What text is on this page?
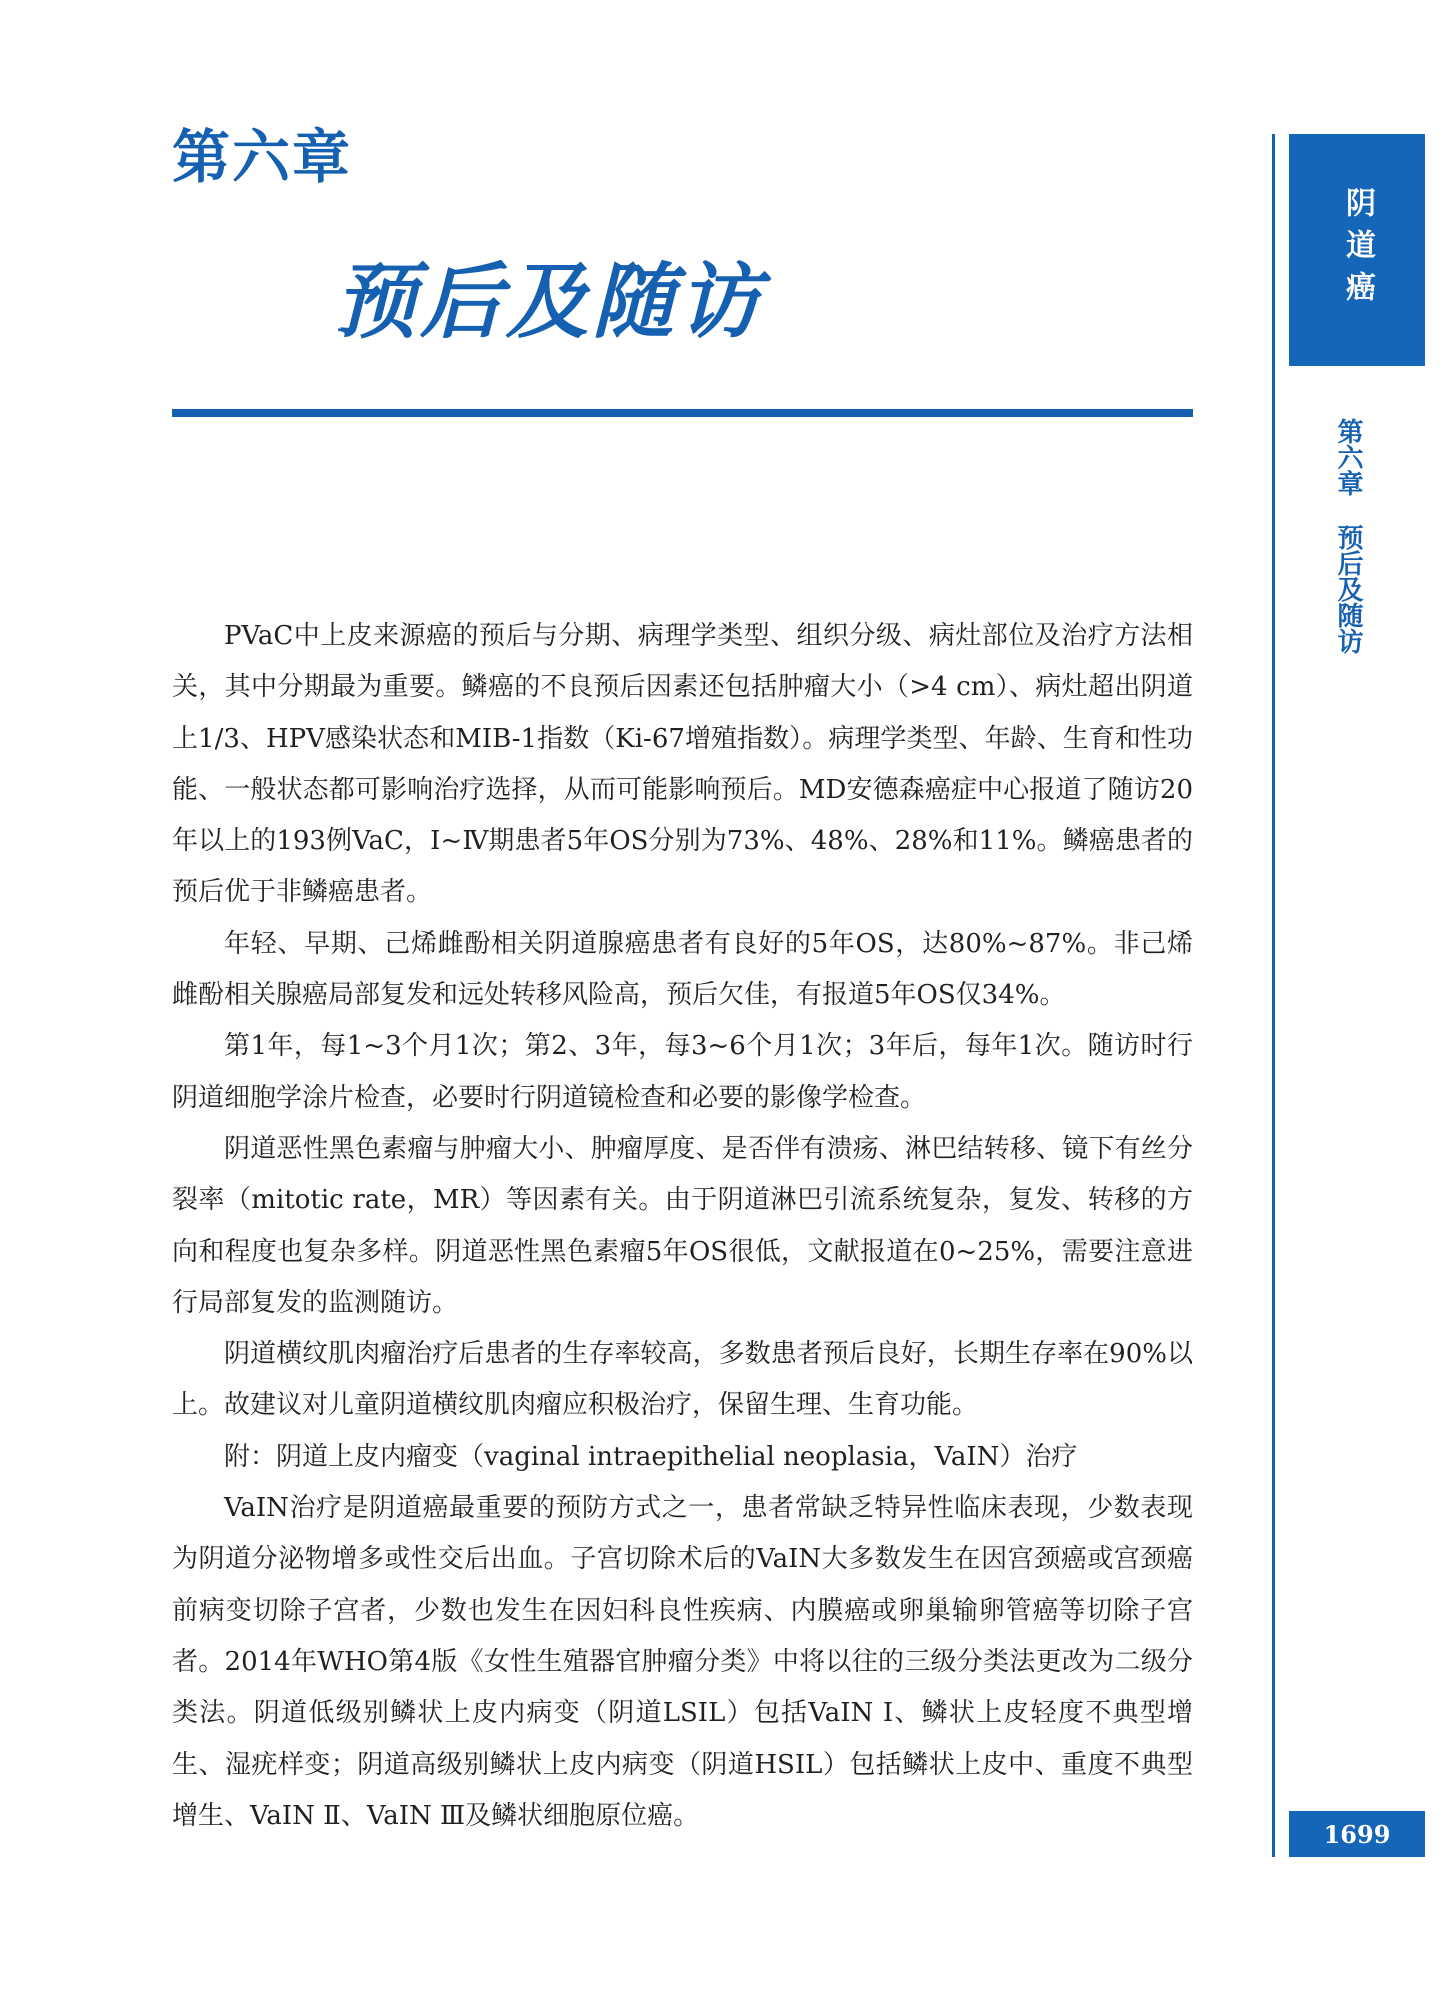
第六章
预后及随访

PVaC中上皮来源癌的预后与分期、病理学类型、组织分级、病灶部位及治疗方法相关，其中分期最为重要。鳞癌的不良预后因素还包括肿瘤大小（>4 cm）、病灶超出阴道上1/3、HPV感染状态和MIB-1指数（Ki-67增殖指数）。病理学类型、年龄、生育和性功能、一般状态都可影响治疗选择，从而可能影响预后。MD安德森癌症中心报道了随访20年以上的193例VaC，Ⅰ~Ⅳ期患者5年OS分别为73%、48%、28%和11%。鳞癌患者的预后优于非鳞癌患者。

年轻、早期、己烯雌酚相关阴道腺癌患者有良好的5年OS，达80%~87%。非己烯雌酚相关腺癌局部复发和远处转移风险高，预后欠佳，有报道5年OS仅34%。

第1年，每1~3个月1次；第2、3年，每3~6个月1次；3年后，每年1次。随访时行阴道细胞学涂片检查，必要时行阴道镜检查和必要的影像学检查。

阴道恶性黑色素瘤与肿瘤大小、肿瘤厚度、是否伴有溃疡、淋巴结转移、镜下有丝分裂率（mitotic rate，MR）等因素有关。由于阴道淋巴引流系统复杂，复发、转移的方向和程度也复杂多样。阴道恶性黑色素瘤5年OS很低，文献报道在0~25%，需要注意进行局部复发的监测随访。

阴道横纹肌肉瘤治疗后患者的生存率较高，多数患者预后良好，长期生存率在90%以上。故建议对儿童阴道横纹肌肉瘤应积极治疗，保留生理、生育功能。

附：阴道上皮内瘤变（vaginal intraepithelial neoplasia，VaIN）治疗

VaIN治疗是阴道癌最重要的预防方式之一，患者常缺乏特异性临床表现，少数表现为阴道分泌物增多或性交后出血。子宫切除术后的VaIN大多数发生在因宫颈癌或宫颈癌前病变切除子宫者，少数也发生在因妇科良性疾病、内膜癌或卵巢输卵管癌等切除子宫者。2014年WHO第4版《女性生殖器官肿瘤分类》中将以往的三级分类法更改为二级分类法。阴道低级别鳞状上皮内病变（阴道LSIL）包括VaIN Ⅰ、鳞状上皮轻度不典型增生、湿疣样变；阴道高级别鳞状上皮内病变（阴道HSIL）包括鳞状上皮中、重度不典型增生、VaIN Ⅱ、VaIN Ⅲ及鳞状细胞原位癌。

阴道癌
第六章预后及随访
1699
